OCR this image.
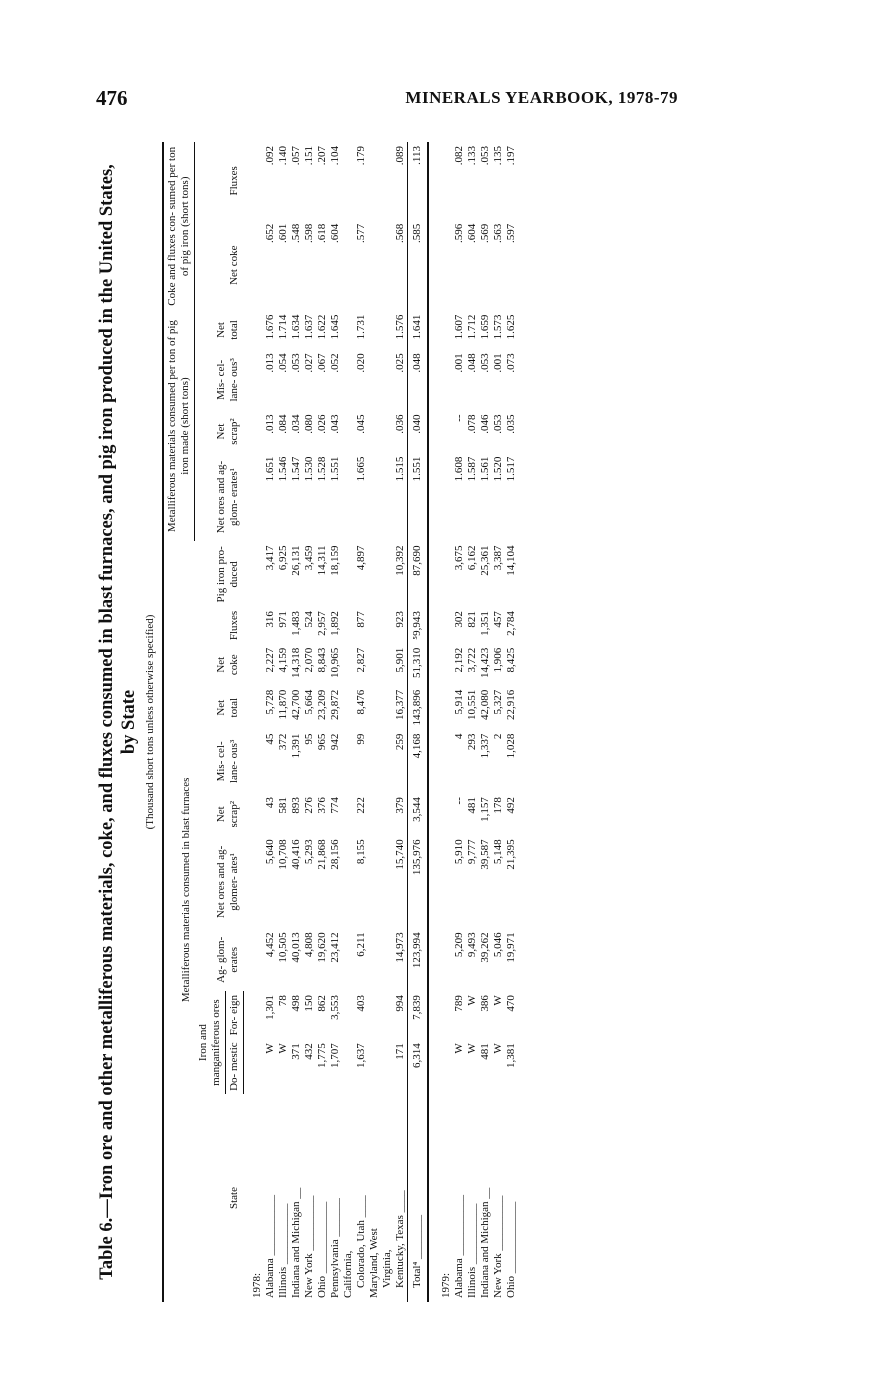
476	MINERALS YEARBOOK, 1978-79
Table 6.—Iron ore and other metalliferous materials, coke, and fluxes consumed in blast furnaces, and pig iron produced in the United States, by State (Thousand short tons unless otherwise specified)
State	Metalliferous materials consumed in blast furnaces							Net coke	Fluxes	Pig iron pro- duced	Metalliferous materials consumed per ton of pig iron made (short tons)				Coke and fluxes con- sumed per ton of pig iron (short tons)	
	Iron and manganiferous ores		Ag- glom- erates	Net ores and ag- glomer- ates¹	Net scrap²	Mis- cel- lane- ous³	Net total				Net ores and ag- glom- erates¹	Net scrap²	Mis- cel- lane- ous³	Net total	Net coke	Fluxes
	Do- mestic	For- eign														
1978:																
Alabama ___________	W	1,301	4,452	5,640	43	45	5,728	2,227	316	3,417	1.651	.013	.013	1.676	.652	.092
Illinois ___________	W	78	10,505	10,708	581	372	11,870	4,159	971	6,925	1.546	.084	.054	1.714	.601	.140
Indiana and Michigan __	371	498	40,013	40,416	893	1,391	42,700	14,318	1,483	26,131	1.547	.034	.053	1.634	.548	.057
New York __________	432	150	4,808	5,293	276	95	5,664	2,070	524	3,459	1.530	.080	.027	1.637	.598	.151
Ohio _____________	1,775	862	19,620	21,868	376	965	23,209	8,843	2,957	14,311	1.528	.026	.067	1.622	.618	.207
Pennsylvania _______	1,707	3,553	23,412	28,156	774	942	29,872	10,965	1,892	18,159	1.551	.043	.052	1.645	.604	.104
California,																
Colorado, Utah ____	1,637	403	6,211	8,155	222	99	8,476	2,827	877	4,897	1.665	.045	.020	1.731	.577	.179
Maryland, West																
Virginia,																
Kentucky, Texas ____	171	994	14,973	15,740	379	259	16,377	5,901	923	10,392	1.515	.036	.025	1.576	.568	.089
Total⁴ ________	6,314	7,839	123,994	135,976	3,544	4,168	143,896	51,310	⁵9,943	87,690	1.551	.040	.048	1.641	.585	.113

1979:																
Alabama ___________	W	789	5,209	5,910	--	4	5,914	2,192	302	3,675	1.608	--	.001	1.607	.596	.082
Illinois ___________	W	W	9,493	9,777	481	293	10,551	3,722	821	6,162	1.587	.078	.048	1.712	.604	.133
Indiana and Michigan __	481	386	39,262	39,587	1,157	1,337	42,080	14,423	1,351	25,361	1.561	.046	.053	1.659	.569	.053
New York __________	W	W	5,046	5,148	178	2	5,327	1,906	457	3,387	1.520	.053	.001	1.573	.563	.135
Ohio _____________	1,381	470	19,971	21,395	492	1,028	22,916	8,425	2,784	14,104	1.517	.035	.073	1.625	.597	.197
